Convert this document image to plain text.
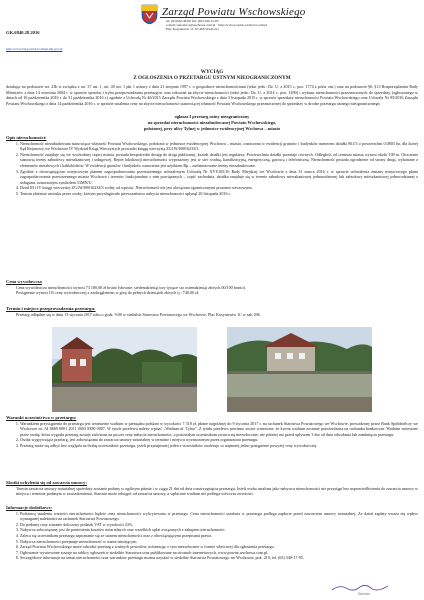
GK.6840.28.2016
http://www.bip.powiat.bochnia.bip.gov.pl
Zarząd Powiatu Wschowskiego
tel. (65)540-46-00 fax: (65) 540-15-03
e-mail: starostwo@wschowa.com.pl · http://www.powiat.wschowa.com.pl
Plac Kosynierów 1c, 67-400 Wschowa
WYCIĄG
Z OGŁOSZENIA O PRZETARGU USTNYM NIEOGRANICZONYM
działając na podstawie art. 23b w związku z art. 37 ust. 1, art. 40 ust. 1 pkt 1 ustawy z dnia 21 sierpnia 1997 r. o gospodarce nieruchomościami (tekst jedn.: Dz. U. z 2015 r., poz. 1774 z późn. zm.) oraz na podstawie §6, §13 Rozporządzenia Rady Ministrów z dnia 14 września 2004 r. w sprawie sposobu i trybu przeprowadzania przetargów oraz rokowań na zbycie nieruchomości (tekst jedn.: Dz. U. z 2014 r., poz. 1490) i wykazu nieruchomości przeznaczonych do sprzedaży (ogłoszonego w dniach od 10 października 2016 r. do 31 października 2016 r.) zgodnie z Uchwałą Nr 46/2015 Zarządu Powiatu Wschowskiego z dnia 3 listopada 2015 r. w sprawie sprzedaży nieruchomości Powiatu Wschowskiego oraz Uchwały Nr 95/2016 Zarządu Powiatu Wschowskiego z dnia 14 października 2016 r. w sprawie ustalenia ceny na zbycie nieruchomości stanowiącej własność Powiatu Wschowskiego przeznaczonej do sprzedaży w drodze przetargu ustnego nieograniczonego
ogłasza I przetarg ustny nieograniczony
na sprzedaż nieruchomości niezabudowanej Powiatu Wschowskiego,
położonej, przy ulicy Tylnej w jednostce ewidencyjnej Wschowa – miasto
Opis nieruchomości:
1. Nieruchomość niezabudowana stanowiąca własność Powiatu Wschowskiego, położona w jednostce ewidencyjnej Wschowa – miasto, oznaczona w ewidencji gruntów i budynków numerem działki 861/3 o powierzchni 0,0803 ha, dla której Sąd Rejonowy we Wschowie IV Wydział Ksiąg Wieczystych prowadzi księgę wieczystą ZG1W/00016233/3.
2. Nieruchomość znajduje się we wschodniej części miasta, posiada bezpośredni dostęp do drogi publicznej, kształt działki jest regularny. Powierzchnia działki przestaje równych. Odległość od centrum miasta wynosi około 100 m. Otoczenie stanowią tereny zabudowy mieszkaniowej i usługowej. Rejon lokalizacji nieruchomości wyposażony jest w sieć wodną, kanalizacyjną, energetyczną, gazową i telefoniczną. Nieruchomość posiada ogrodzenie od strony drogi, wykonane z elementów metalowych i kablobloków. W ewidencji gruntów i budynków oznaczona jest użytkiem Bp – zurbanizowane tereny niezabudowane.
3. Zgodnie z obowiązującym miejscowym planem zagospodarowania przestrzennego uchwalonym Uchwałą Nr XVI/165/16 Rady Miejskiej we Wschowie z dnia 31 marca 2016 r. w sprawie uchwalenia zmiany miejscowego planu zagospodarowania przestrzennego miasta Wschowa i terenów funkcjonalnie z nim powiązanych – część zachodnia, działka znajduje się w terenie zabudowy mieszkaniowej jednorodzinnej lub zabudowy mieszkaniowej jednorodzinnej z usługami, oznaczonym symbolem 53MN/U.
4. Dział III i IV księgi wieczystej ZG1W/00016233/3 wolny od wpisów. Nieruchomość nie jest obciążona ograniczonymi prawami rzeczowymi.
5. Termin złożenia wniosku przez osoby, którym przysługiwało pierwszeństwo nabycia nieruchomości upłynął 20 listopada 2016 r.
Cena wywoławcza
Cena wywoławcza nieruchomości wynosi 73 180,00 zł brutto (słownie: siedemdziesiąt trzy tysiące sto osiemdziesiąt złotych 00/100 brutto).
Postąpienie wynosi 1% ceny wywoławczej z zaokrągleniem w górę do pełnych dziesiątek złotych tj.: 740,00 zł.
Termin i miejsce przeprowadzenia przetargu:
Przetarg odbędzie się w dniu 13 stycznia 2017 roku o godz. 9:00 w siedzibie Starostwa Powiatowego we Wschowie, Plac Kosynierów 1C w sali 206.
Warunki uczestnictwa w przetargu:
1. Warunkiem przystąpienia do przetargu jest wniesienie wadium w pieniądzu polskim w wysokości 7 318 zł, płatne najpóźniej do 9 stycznia 2017 r. na rachunek Starostwa Powiatowego we Wschowie, prowadzony przez Bank Spółdzielczy we Wschowie nr: 34 8669 0001 2011 0003 8380 0007. W tytule przelewu należy wpisać „Wadium ul. Tylna”. Z tytułu przelewu powinno zostać wniesione, że kwota wadium zostanie potwierdzona na rachunku bankowym. Wadium wniesione przez osobę, która wygrała przetarg zostaje zaliczone na poczet ceny nabycia nieruchomości, a pozostałym uczestnikom zwraca się niezwłocznie, nie później niż przed upływem 3 dni od dnia odwołania lub zamknięcia przetargu.
2. Osoba wygrywająca przetarg, jest zobowiązana do zawarcia umowy notarialnej w terminie i miejscu wyznaczonym przez organizatora przetargu.
3. Przetarg może się odbyć bez względu na liczbę uczestników przetargu, jeżeli przynajmniej jeden z uczestników zaoferuje co najmniej jedno postąpienie powyżej ceny wywoławczej.
Skutki uchylenia się od zawarcia umowy:
Termin zawarcia umowy notarialnej sprzedaży zostanie podany w ogólnym piśmie i w ciągu 21 dni od dnia rozstrzygnięcia przetargu. Jeżeli osoba ustalona jako nabywca nieruchomości nie przystąpi bez usprawiedliwienia do zawarcia umowy w miejscu i terminie podanym w zawiadomieniu, Starosta może odstąpić od zawarcia umowy, a wpłacone wadium nie podlega wówczas zwrotowi.
Informacje dodatkowe:
1. Podstawą ustalenia wartości nieruchomości będzie cena nieruchomości wylicytowana w przetargu. Cena nieruchomości ustalona w przetargu podlega zapłacie przed zawarciem umowy notarialnej. Za dzień zapłaty uważa się wpływ wymaganej należności na rachunek Starostwa Powiatowego.
2. Do podanej ceny zostanie doliczony podatek VAT w wysokości 23%.
3. Nabywca zobowiązany jest do poniesienia kosztów notarialnych oraz wszelkich opłat związanych z zakupem nieruchomości.
4. Zaleca się uczestnikom przetargu zapoznanie się ze stanem nieruchomości oraz z obowiązującymi przepisami prawa.
5. Nabywca nieruchomości przejmuje nieruchomość w stanie istniejącym.
6. Zarząd Powiatu Wschowskiego może odwołać przetarg z ważnych powodów, informując o tym niezwłocznie w formie właściwej dla ogłoszenia przetargu.
7. Ogłoszenie wywieszone zostaje na tablicy ogłoszeń w siedzibie Starostwa oraz publikowane na stronach internetowych, www.powiat.wschowa.com.pl.
8. Szczegółowe informacje na temat nieruchomości oraz warunków przetargu można uzyskać w siedzibie Starostwa Powiatowego we Wschowie, pok. 219, tel. (65) 540-17-95.
Starosta
